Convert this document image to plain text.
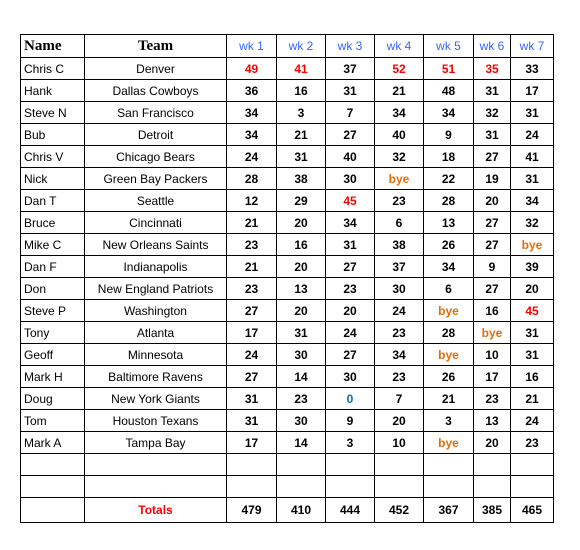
Name	Team	wk 1	wk 2	wk 3	wk 4	wk 5	wk 6	wk 7
Chris C	Denver	49	41	37	52	51	35	33
Hank	Dallas Cowboys	36	16	31	21	48	31	17
Steve N	San Francisco	34	3	7	34	34	32	31
Bub	Detroit	34	21	27	40	9	31	24
Chris V	Chicago Bears	24	31	40	32	18	27	41
Nick	Green Bay Packers	28	38	30	bye	22	19	31
Dan T	Seattle	12	29	45	23	28	20	34
Bruce	Cincinnati	21	20	34	6	13	27	32
Mike C	New Orleans Saints	23	16	31	38	26	27	bye
Dan F	Indianapolis	21	20	27	37	34	9	39
Don	New England Patriots	23	13	23	30	6	27	20
Steve P	Washington	27	20	20	24	bye	16	45
Tony	Atlanta	17	31	24	23	28	bye	31
Geoff	Minnesota	24	30	27	34	bye	10	31
Mark H	Baltimore Ravens	27	14	30	23	26	17	16
Doug	New York Giants	31	23	0	7	21	23	21
Tom	Houston Texans	31	30	9	20	3	13	24
Mark A	Tampa Bay	17	14	3	10	bye	20	23

	Totals	479	410	444	452	367	385	465
